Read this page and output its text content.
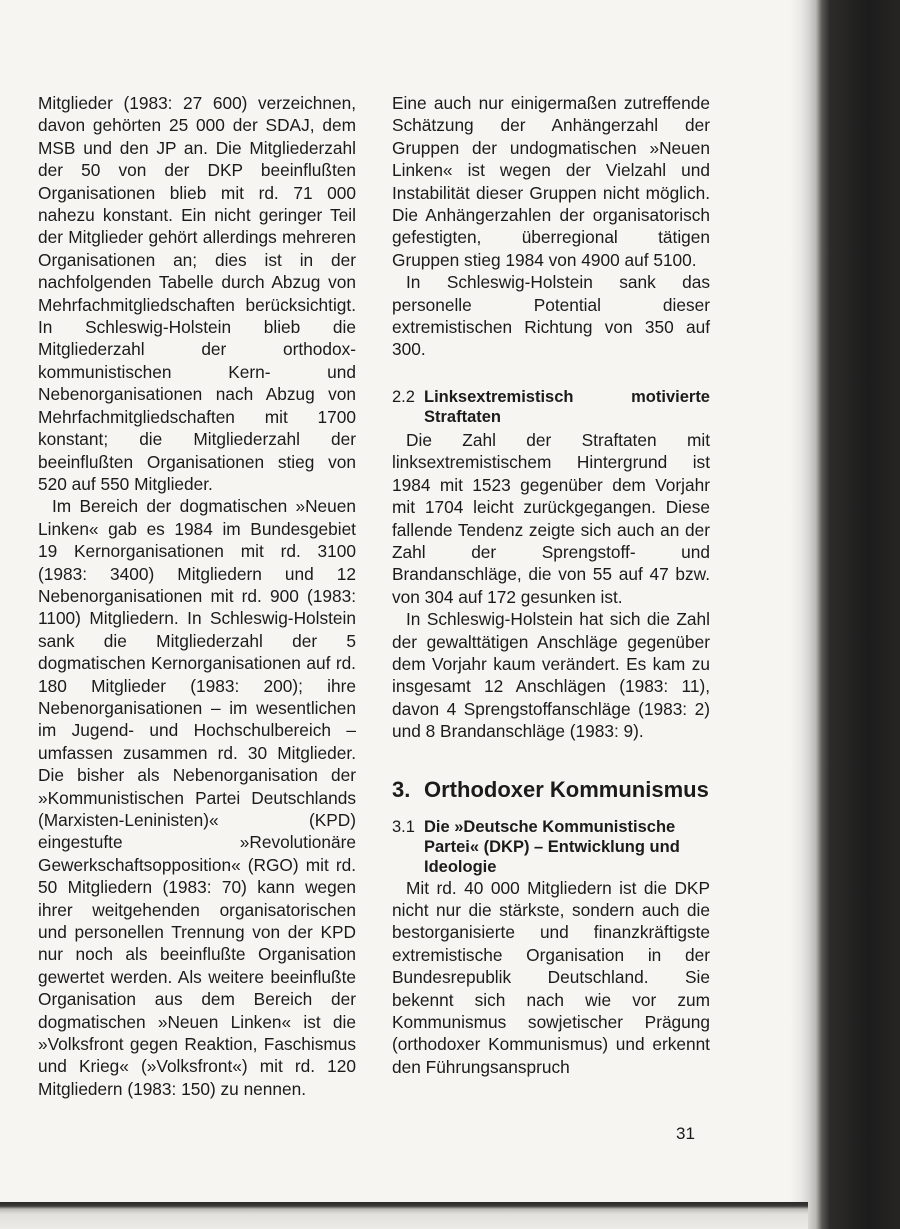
Mitglieder (1983: 27 600) verzeichnen, davon gehörten 25 000 der SDAJ, dem MSB und den JP an. Die Mitgliederzahl der 50 von der DKP beeinflußten Organisationen blieb mit rd. 71 000 nahezu konstant. Ein nicht geringer Teil der Mitglieder gehört allerdings mehreren Organisationen an; dies ist in der nachfolgenden Tabelle durch Abzug von Mehrfachmitgliedschaften berücksichtigt. In Schleswig-Holstein blieb die Mitgliederzahl der orthodox-kommunistischen Kern- und Nebenorganisationen nach Abzug von Mehrfachmitgliedschaften mit 1700 konstant; die Mitgliederzahl der beeinflußten Organisationen stieg von 520 auf 550 Mitglieder.

Im Bereich der dogmatischen »Neuen Linken« gab es 1984 im Bundesgebiet 19 Kernorganisationen mit rd. 3100 (1983: 3400) Mitgliedern und 12 Nebenorganisationen mit rd. 900 (1983: 1100) Mitgliedern. In Schleswig-Holstein sank die Mitgliederzahl der 5 dogmatischen Kernorganisationen auf rd. 180 Mitglieder (1983: 200); ihre Nebenorganisationen – im wesentlichen im Jugend- und Hochschulbereich – umfassen zusammen rd. 30 Mitglieder. Die bisher als Nebenorganisation der »Kommunistischen Partei Deutschlands (Marxisten-Leninisten)« (KPD) eingestufte »Revolutionäre Gewerkschaftsopposition« (RGO) mit rd. 50 Mitgliedern (1983: 70) kann wegen ihrer weitgehenden organisatorischen und personellen Trennung von der KPD nur noch als beeinflußte Organisation gewertet werden. Als weitere beeinflußte Organisation aus dem Bereich der dogmatischen »Neuen Linken« ist die »Volksfront gegen Reaktion, Faschismus und Krieg« (»Volksfront«) mit rd. 120 Mitgliedern (1983: 150) zu nennen.

Eine auch nur einigermaßen zutreffende Schätzung der Anhängerzahl der Gruppen der undogmatischen »Neuen Linken« ist wegen der Vielzahl und Instabilität dieser Gruppen nicht möglich. Die Anhängerzahlen der organisatorisch gefestigten, überregional tätigen Gruppen stieg 1984 von 4900 auf 5100.

In Schleswig-Holstein sank das personelle Potential dieser extremistischen Richtung von 350 auf 300.

2.2 Linksextremistisch motivierte Straftaten

Die Zahl der Straftaten mit linksextremistischem Hintergrund ist 1984 mit 1523 gegenüber dem Vorjahr mit 1704 leicht zurückgegangen. Diese fallende Tendenz zeigte sich auch an der Zahl der Sprengstoff- und Brandanschläge, die von 55 auf 47 bzw. von 304 auf 172 gesunken ist.

In Schleswig-Holstein hat sich die Zahl der gewalttätigen Anschläge gegenüber dem Vorjahr kaum verändert. Es kam zu insgesamt 12 Anschlägen (1983: 11), davon 4 Sprengstoffanschläge (1983: 2) und 8 Brandanschläge (1983: 9).

3. Orthodoxer Kommunismus
3.1 Die »Deutsche Kommunistische Partei« (DKP) – Entwicklung und Ideologie

Mit rd. 40 000 Mitgliedern ist die DKP nicht nur die stärkste, sondern auch die bestorganisierte und finanzkräftigste extremistische Organisation in der Bundesrepublik Deutschland. Sie bekennt sich nach wie vor zum Kommunismus sowjetischer Prägung (orthodoxer Kommunismus) und erkennt den Führungsanspruch

31
